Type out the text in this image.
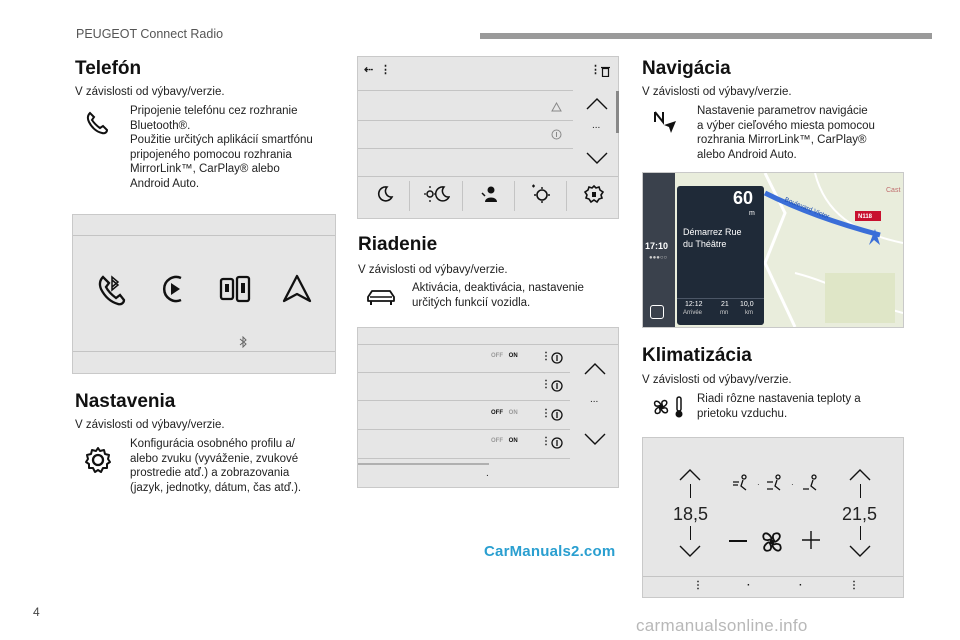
PEUGEOT Connect Radio
Telefón
V závislosti od výbavy/verzie.
Pripojenie telefónu cez rozhranie
Bluetooth®.
Použitie určitých aplikácií smartfónu
pripojeného pomocou rozhrania
MirrorLink™, CarPlay® alebo
Android Auto.
Nastavenia
V závislosti od výbavy/verzie.
Konfigurácia osobného profilu a/
alebo zvuku (vyváženie, zvukové
prostredie atď.) a zobrazovania
(jazyk, jednotky, dátum, čas atď.).
⇠ ⋮	⋮
...
Riadenie
V závislosti od výbavy/verzie.
Aktivácia, deaktivácia, nastavenie
určitých funkcií vozidla.
OFF ON
OFF ON
OFF ON
⋮
⋮
⋮
⋮
...
.
Navigácia
V závislosti od výbavy/verzie.
Nastavenie parametrov navigácie
a výber cieľového miesta pomocou
rozhrania MirrorLink™, CarPlay®
alebo Android Auto.
17:10
●●●○○
N118
Boulevard Victor
Cast
60
m
Démarrez Rue
du Théâtre
12:12
Arrivée
21
mn
10,0
km
Klimatizácia
V závislosti od výbavy/verzie.
Riadi rôzne nastavenia teploty a
prietoku vzduchu.
18,5	21,5
·	·
⋮	·	·	⋮
4
CarManuals2.com
carmanualsonline.info
